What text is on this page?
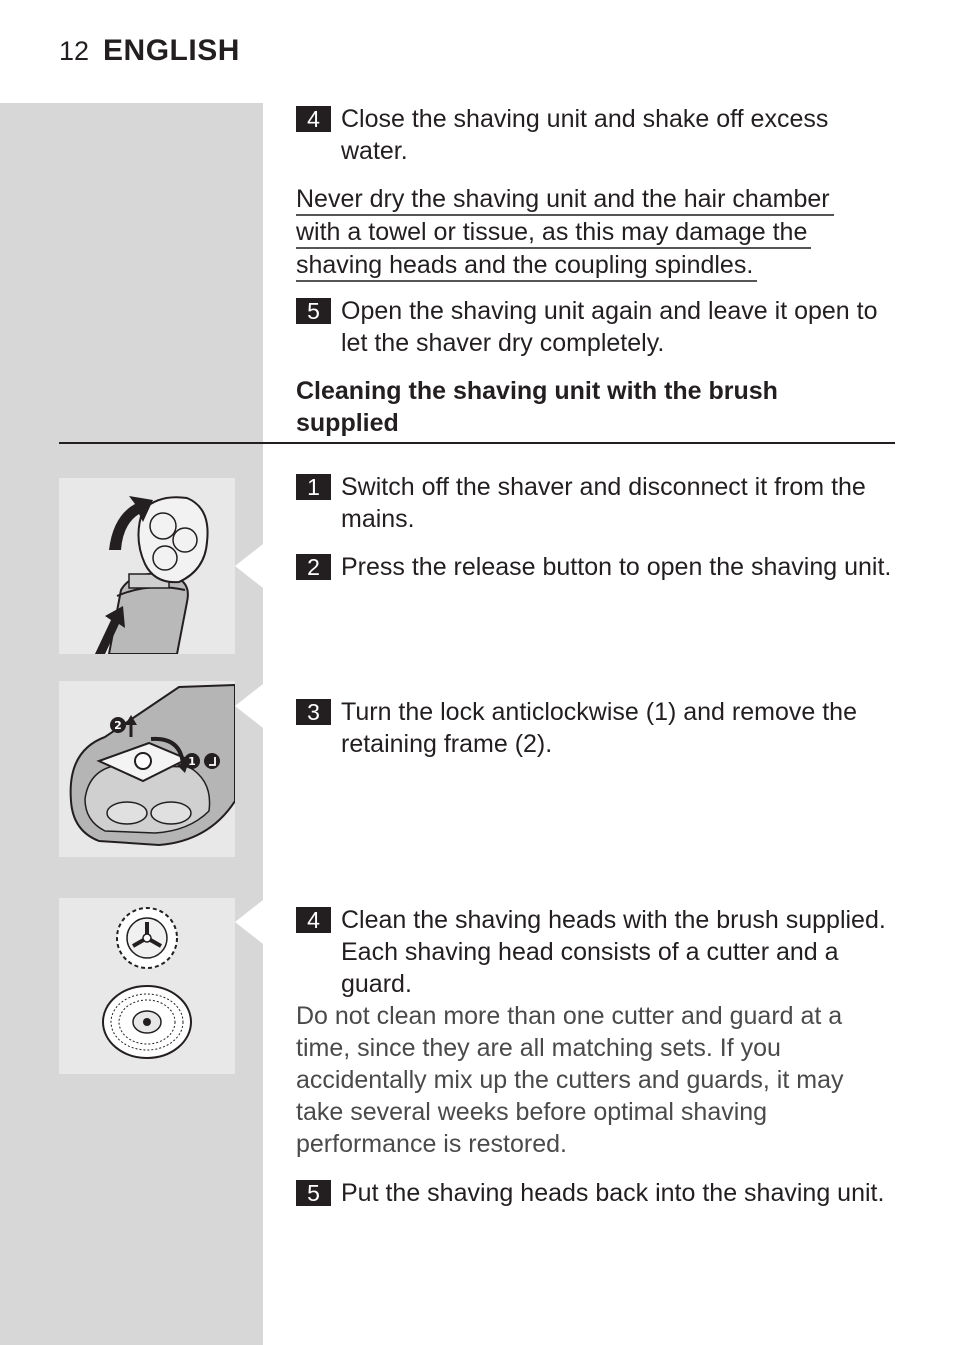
12 ENGLISH
4 Close the shaving unit and shake off excess water.
Never dry the shaving unit and the hair chamber
with a towel or tissue, as this may damage the
shaving heads and the coupling spindles.
5 Open the shaving unit again and leave it open to let the shaver dry completely.
Cleaning the shaving unit with the brush supplied
1 Switch off the shaver and disconnect it from the mains.
2 Press the release button to open the shaving unit.
2
1
3 Turn the lock anticlockwise (1) and remove the retaining frame (2).
4 Clean the shaving heads with the brush supplied. Each shaving head consists of a cutter and a guard.
Do not clean more than one cutter and guard at a time, since they are all matching sets. If you accidentally mix up the cutters and guards, it may take several weeks before optimal shaving performance is restored.
5 Put the shaving heads back into the shaving unit.
